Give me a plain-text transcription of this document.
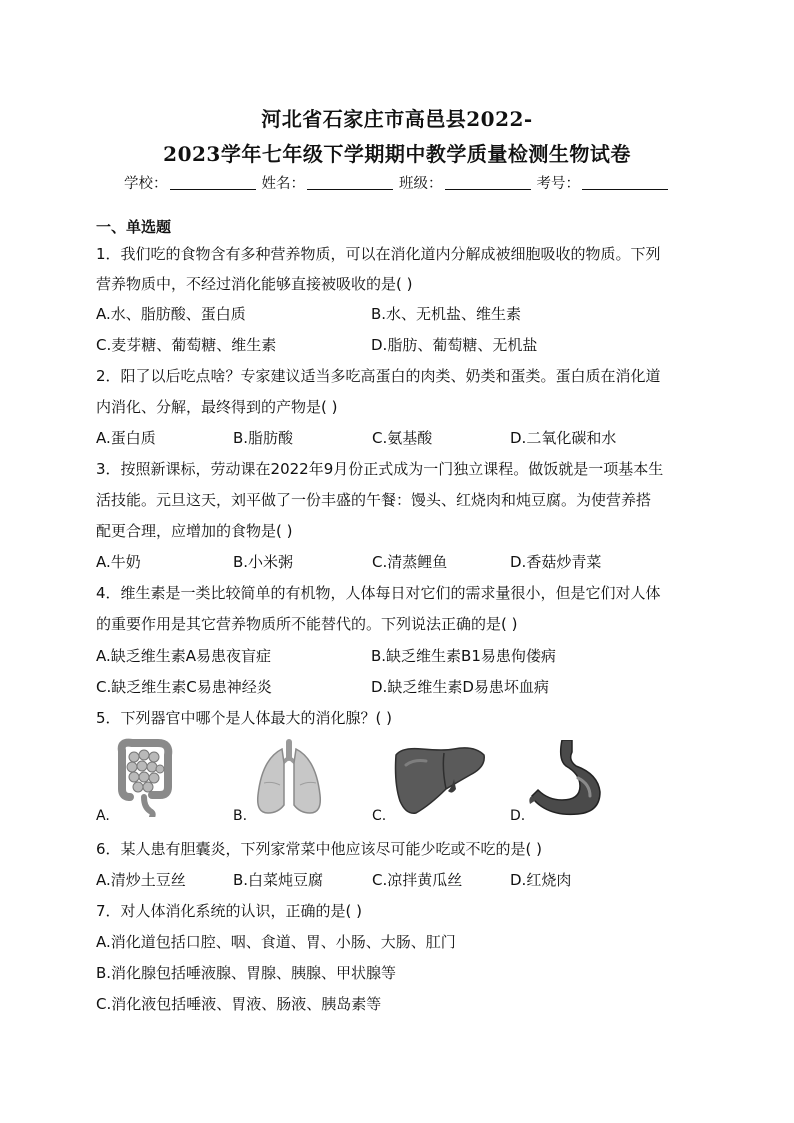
河北省石家庄市高邑县2022-
2023学年七年级下学期期中教学质量检测生物试卷
学校：	姓名：	班级：	考号：
一、单选题
1．我们吃的食物含有多种营养物质，可以在消化道内分解成被细胞吸收的物质。下列
营养物质中，不经过消化能够直接被吸收的是( )
A.水、脂肪酸、蛋白质	B.水、无机盐、维生素
C.麦芽糖、葡萄糖、维生素	D.脂肪、葡萄糖、无机盐
2．阳了以后吃点啥？专家建议适当多吃高蛋白的肉类、奶类和蛋类。蛋白质在消化道
内消化、分解，最终得到的产物是( )
A.蛋白质	B.脂肪酸	C.氨基酸	D.二氧化碳和水
3．按照新课标，劳动课在2022年9月份正式成为一门独立课程。做饭就是一项基本生
活技能。元旦这天，刘平做了一份丰盛的午餐：馒头、红烧肉和炖豆腐。为使营养搭
配更合理，应增加的食物是( )
A.牛奶	B.小米粥	C.清蒸鲤鱼	D.香菇炒青菜
4．维生素是一类比较简单的有机物，人体每日对它们的需求量很小，但是它们对人体
的重要作用是其它营养物质所不能替代的。下列说法正确的是( )
A.缺乏维生素A易患夜盲症	B.缺乏维生素B1易患佝偻病
C.缺乏维生素C易患神经炎	D.缺乏维生素D易患坏血病
5．下列器官中哪个是人体最大的消化腺？( )
A.	B.	C.	D.
6．某人患有胆囊炎，下列家常菜中他应该尽可能少吃或不吃的是( )
A.清炒土豆丝	B.白菜炖豆腐	C.凉拌黄瓜丝	D.红烧肉
7．对人体消化系统的认识，正确的是( )
A.消化道包括口腔、咽、食道、胃、小肠、大肠、肛门
B.消化腺包括唾液腺、胃腺、胰腺、甲状腺等
C.消化液包括唾液、胃液、肠液、胰岛素等
